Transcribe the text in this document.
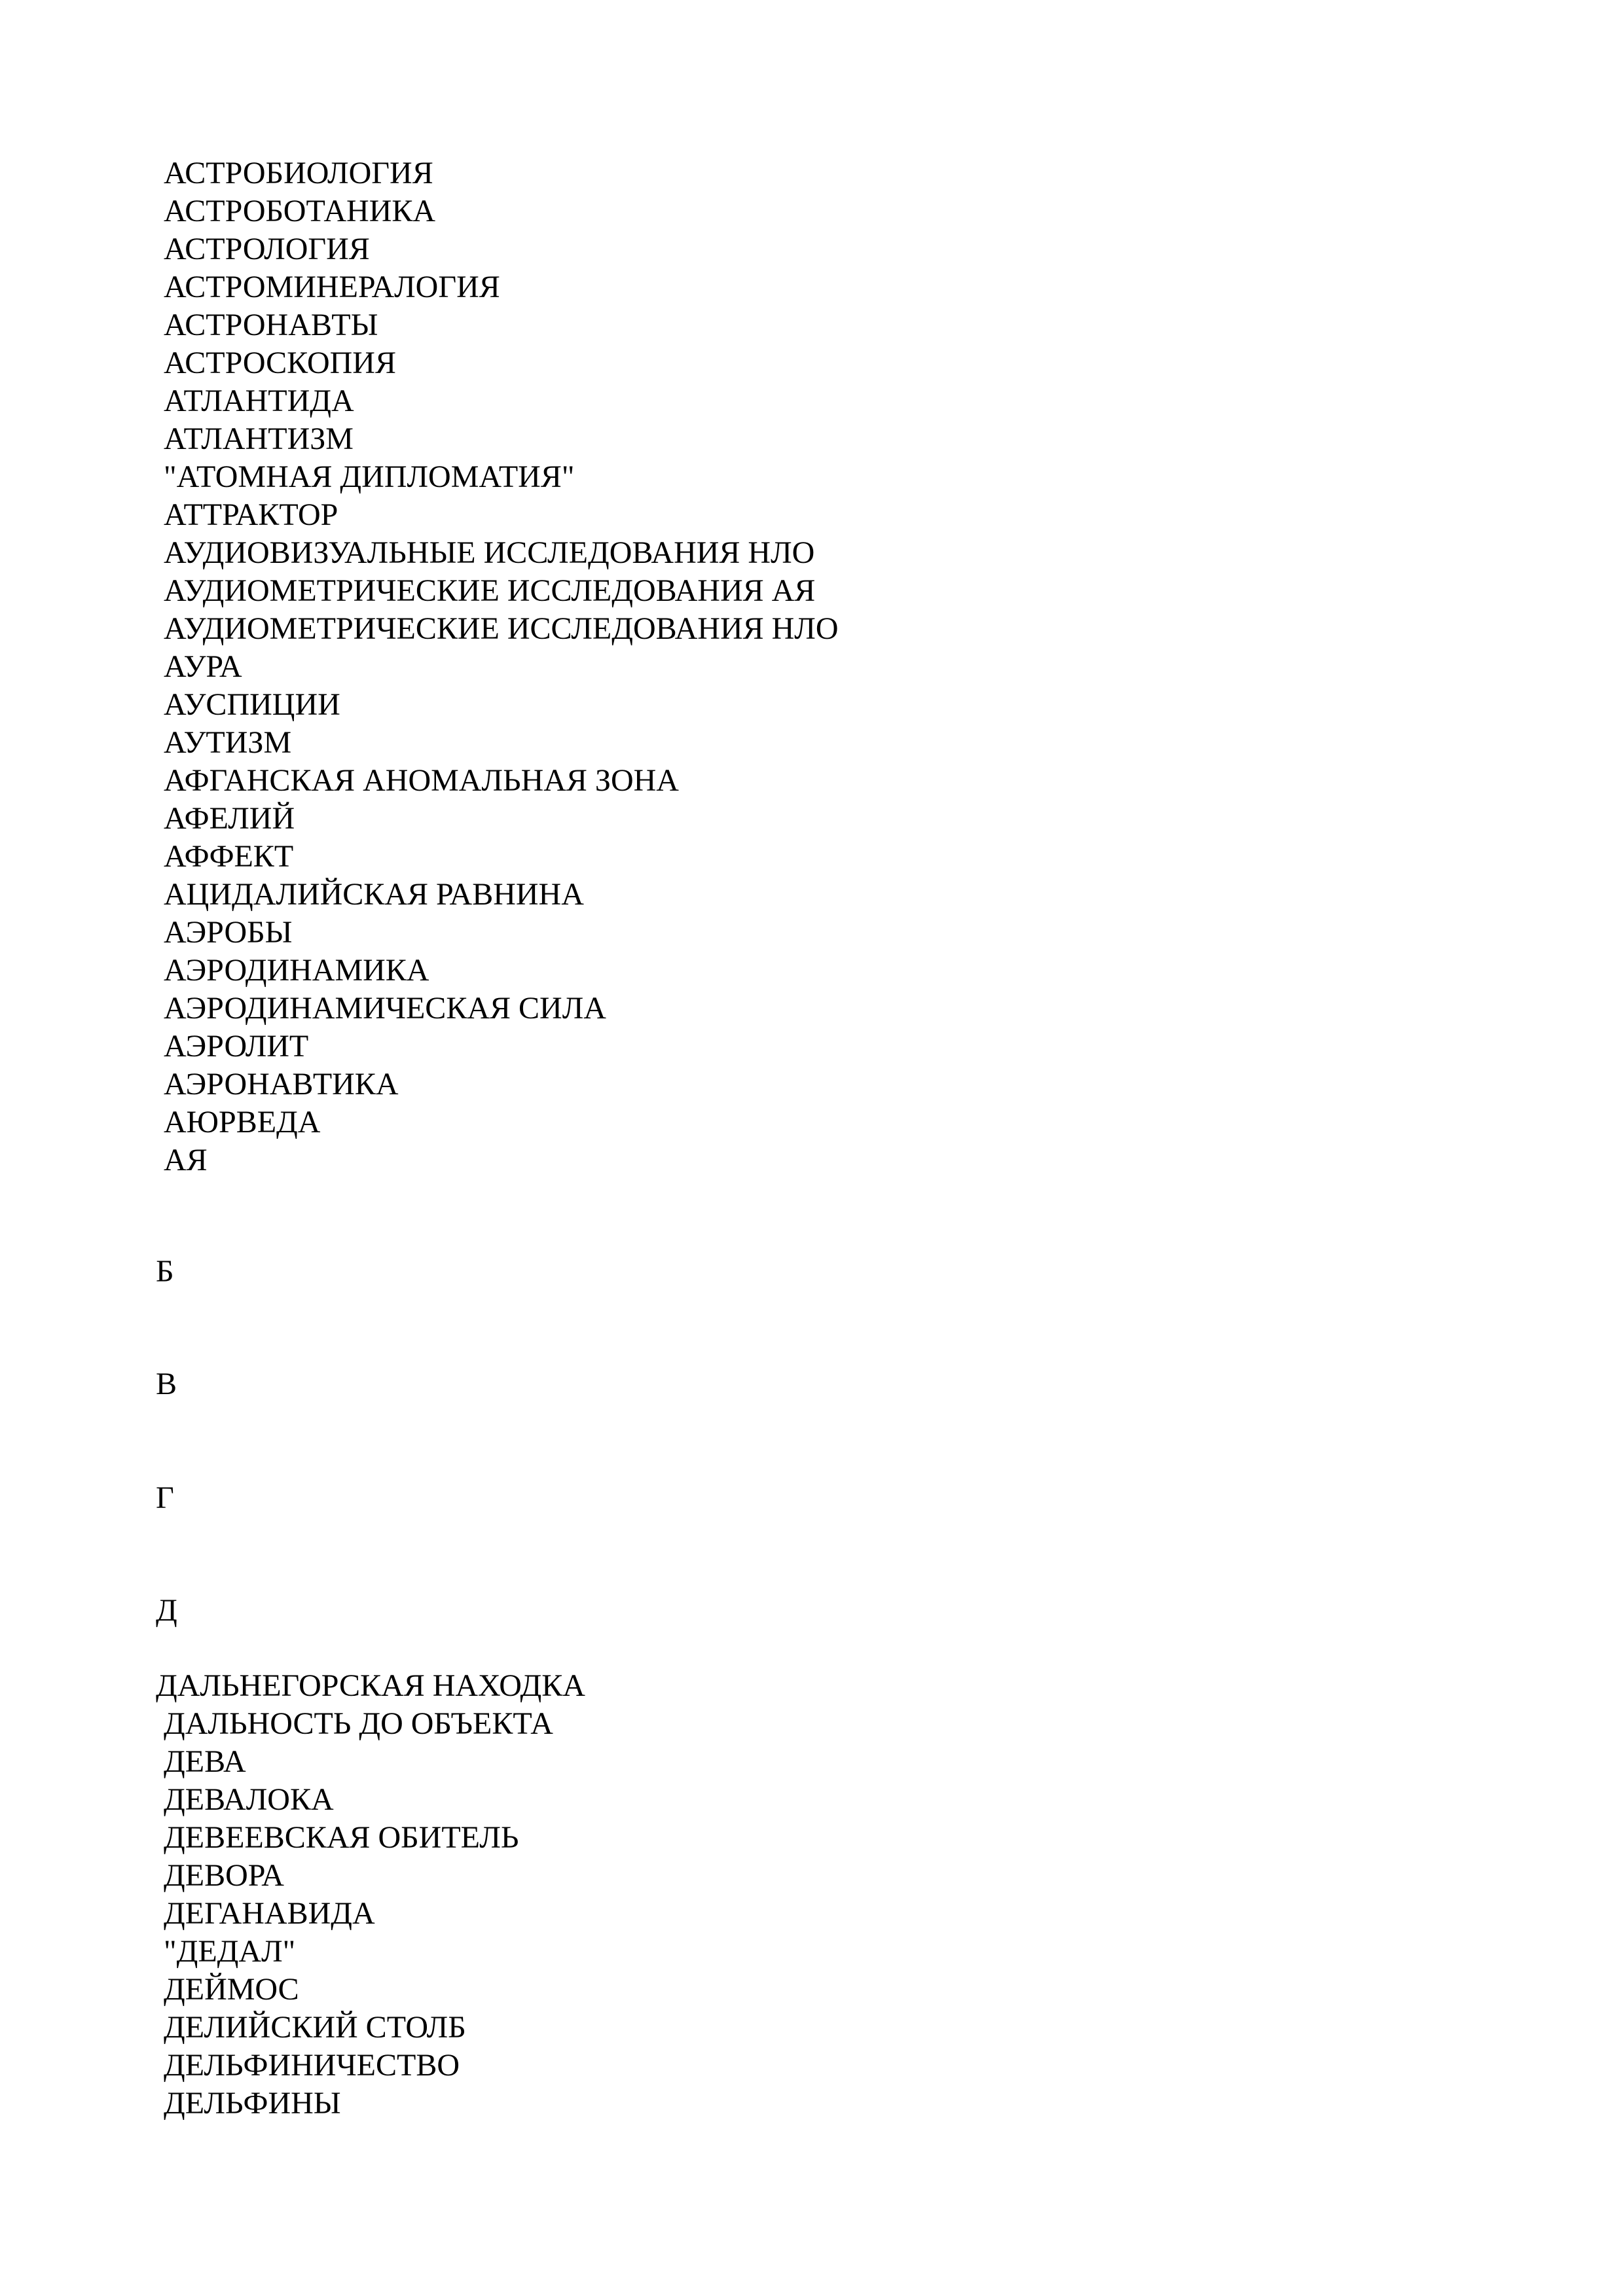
АСТРОБИОЛОГИЯ
АСТРОБОТАНИКА
АСТРОЛОГИЯ
АСТРОМИНЕРАЛОГИЯ
АСТРОНАВТЫ
АСТРОСКОПИЯ
АТЛАНТИДА
АТЛАНТИЗМ
"АТОМНАЯ ДИПЛОМАТИЯ"
АТТРАКТОР
АУДИОВИЗУАЛЬНЫЕ ИССЛЕДОВАНИЯ НЛО
АУДИОМЕТРИЧЕСКИЕ ИССЛЕДОВАНИЯ АЯ
АУДИОМЕТРИЧЕСКИЕ ИССЛЕДОВАНИЯ НЛО
АУРА
АУСПИЦИИ
АУТИЗМ
АФГАНСКАЯ АНОМАЛЬНАЯ ЗОНА
АФЕЛИЙ
АФФЕКТ
АЦИДАЛИЙСКАЯ РАВНИНА
АЭРОБЫ
АЭРОДИНАМИКА
АЭРОДИНАМИЧЕСКАЯ СИЛА
АЭРОЛИТ
АЭРОНАВТИКА
АЮРВЕДА
АЯ
Б
В
Г
Д
ДАЛЬНЕГОРСКАЯ НАХОДКА
ДАЛЬНОСТЬ ДО ОБЪЕКТА
ДЕВА
ДЕВАЛОКА
ДЕВЕЕВСКАЯ ОБИТЕЛЬ
ДЕВОРА
ДЕГАНАВИДА
"ДЕДАЛ"
ДЕЙМОС
ДЕЛИЙСКИЙ СТОЛБ
ДЕЛЬФИНИЧЕСТВО
ДЕЛЬФИНЫ
